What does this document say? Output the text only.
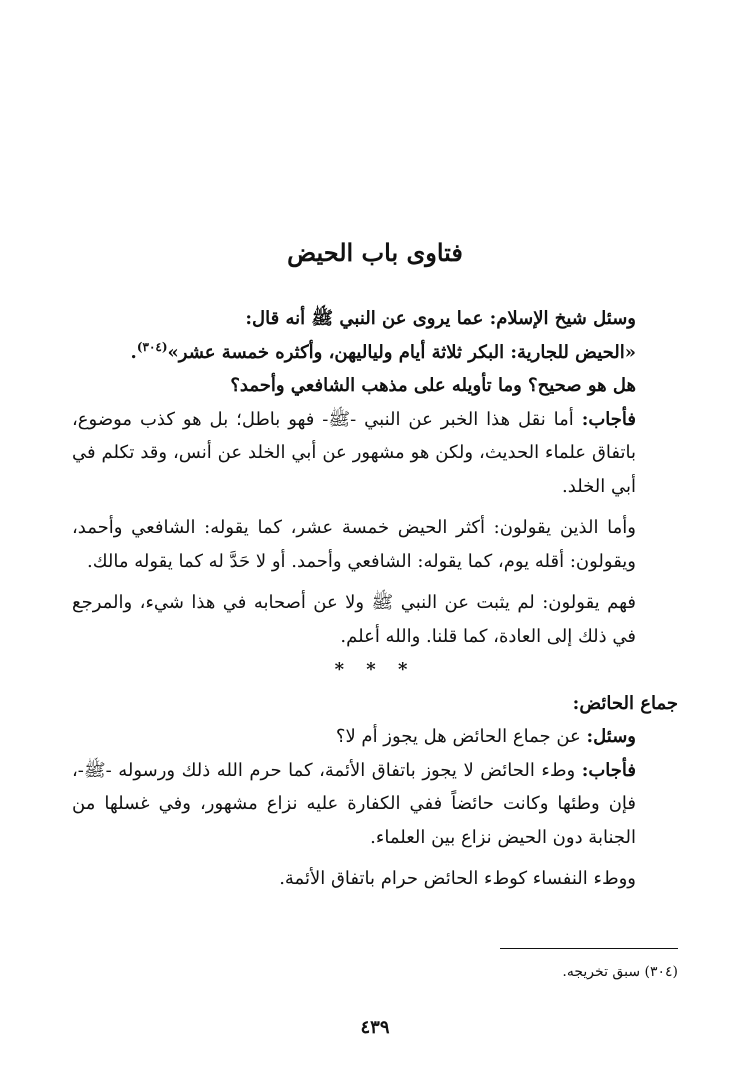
فتاوى باب الحيض

وسئل شيخ الإسلام: عما يروى عن النبي ﷺ أنه قال:

«الحيض للجارية: البكر ثلاثة أيام ولياليهن، وأكثره خمسة عشر»$^{(٣٠٤)}$.

هل هو صحيح؟ وما تأويله على مذهب الشافعي وأحمد؟

فأجاب: أما نقل هذا الخبر عن النبي -ﷺ- فهو باطل؛ بل هو كذب موضوع، باتفاق علماء الحديث، ولكن هو مشهور عن أبي الخلد عن أنس، وقد تكلم في أبي الخلد.

وأما الذين يقولون: أكثر الحيض خمسة عشر، كما يقوله: الشافعي وأحمد، ويقولون: أقله يوم، كما يقوله: الشافعي وأحمد. أو لا حَدَّ له كما يقوله مالك.

فهم يقولون: لم يثبت عن النبي ﷺ ولا عن أصحابه في هذا شيء، والمرجع في ذلك إلى العادة، كما قلنا. والله أعلم.

* * *

جماع الحائض:

وسئل: عن جماع الحائض هل يجوز أم لا؟

فأجاب: وطء الحائض لا يجوز باتفاق الأئمة، كما حرم الله ذلك ورسوله -ﷺ-، فإن وطئها وكانت حائضاً ففي الكفارة عليه نزاع مشهور، وفي غسلها من الجنابة دون الحيض نزاع بين العلماء.

ووطء النفساء كوطء الحائض حرام باتفاق الأئمة.

(٣٠٤) سبق تخريجه.
٤٣٩
